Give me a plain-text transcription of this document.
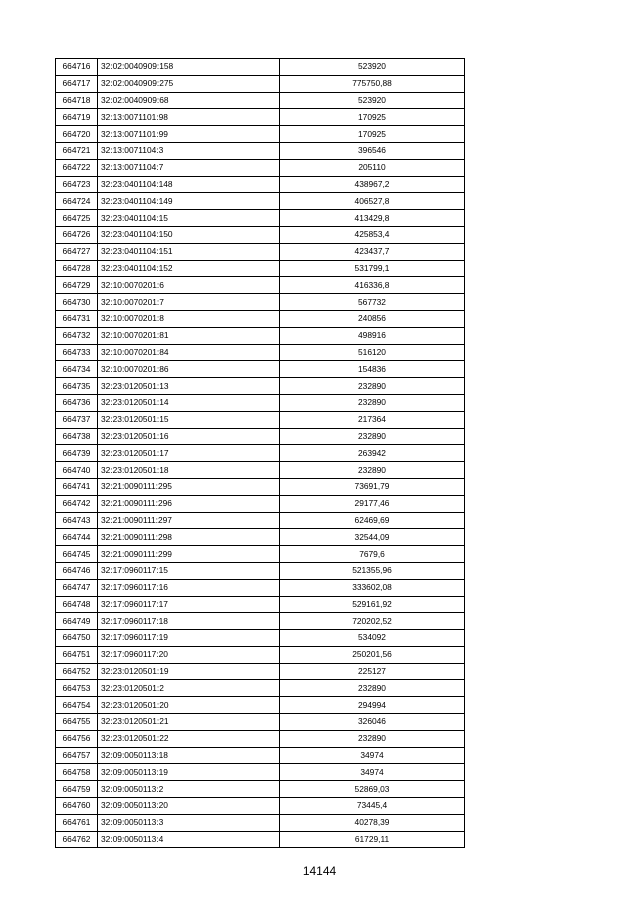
664716	32:02:0040909:158	523920
664717	32:02:0040909:275	775750,88
664718	32:02:0040909:68	523920
664719	32:13:0071101:98	170925
664720	32:13:0071101:99	170925
664721	32:13:0071104:3	396546
664722	32:13:0071104:7	205110
664723	32:23:0401104:148	438967,2
664724	32:23:0401104:149	406527,8
664725	32:23:0401104:15	413429,8
664726	32:23:0401104:150	425853,4
664727	32:23:0401104:151	423437,7
664728	32:23:0401104:152	531799,1
664729	32:10:0070201:6	416336,8
664730	32:10:0070201:7	567732
664731	32:10:0070201:8	240856
664732	32:10:0070201:81	498916
664733	32:10:0070201:84	516120
664734	32:10:0070201:86	154836
664735	32:23:0120501:13	232890
664736	32:23:0120501:14	232890
664737	32:23:0120501:15	217364
664738	32:23:0120501:16	232890
664739	32:23:0120501:17	263942
664740	32:23:0120501:18	232890
664741	32:21:0090111:295	73691,79
664742	32:21:0090111:296	29177,46
664743	32:21:0090111:297	62469,69
664744	32:21:0090111:298	32544,09
664745	32:21:0090111:299	7679,6
664746	32:17:0960117:15	521355,96
664747	32:17:0960117:16	333602,08
664748	32:17:0960117:17	529161,92
664749	32:17:0960117:18	720202,52
664750	32:17:0960117:19	534092
664751	32:17:0960117:20	250201,56
664752	32:23:0120501:19	225127
664753	32:23:0120501:2	232890
664754	32:23:0120501:20	294994
664755	32:23:0120501:21	326046
664756	32:23:0120501:22	232890
664757	32:09:0050113:18	34974
664758	32:09:0050113:19	34974
664759	32:09:0050113:2	52869,03
664760	32:09:0050113:20	73445,4
664761	32:09:0050113:3	40278,39
664762	32:09:0050113:4	61729,11
14144
